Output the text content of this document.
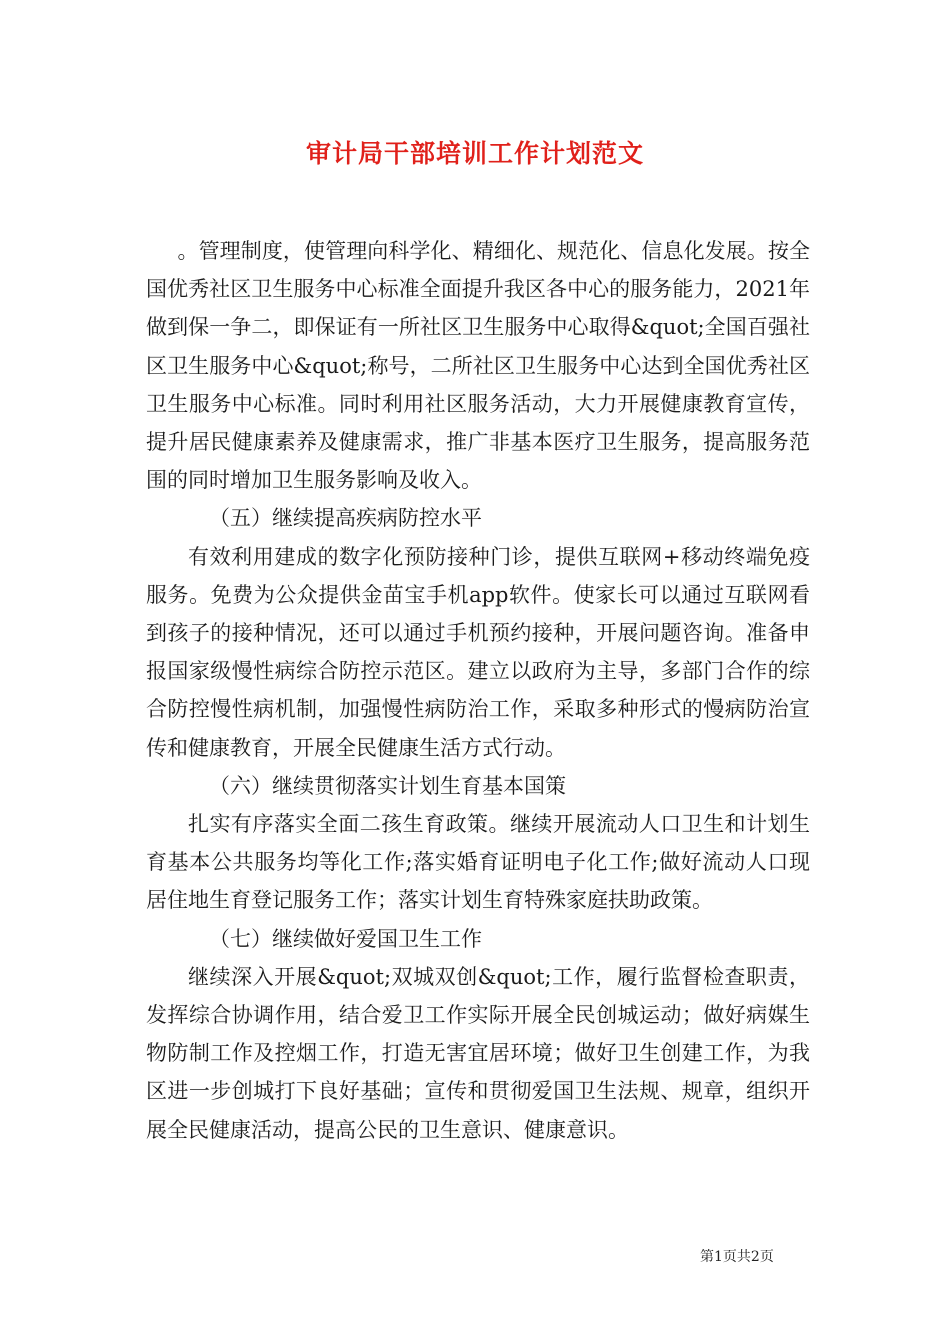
审计局干部培训工作计划范文

。管理制度，使管理向科学化、精细化、规范化、信息化发展。按全国优秀社区卫生服务中心标准全面提升我区各中心的服务能力，2021年做到保一争二，即保证有一所社区卫生服务中心取得&quot;全国百强社区卫生服务中心&quot;称号，二所社区卫生服务中心达到全国优秀社区卫生服务中心标准。同时利用社区服务活动，大力开展健康教育宣传，提升居民健康素养及健康需求，推广非基本医疗卫生服务，提高服务范围的同时增加卫生服务影响及收入。

（五）继续提高疾病防控水平

有效利用建成的数字化预防接种门诊，提供互联网+移动终端免疫服务。免费为公众提供金苗宝手机app软件。使家长可以通过互联网看到孩子的接种情况，还可以通过手机预约接种，开展问题咨询。准备申报国家级慢性病综合防控示范区。建立以政府为主导，多部门合作的综合防控慢性病机制，加强慢性病防治工作，采取多种形式的慢病防治宣传和健康教育，开展全民健康生活方式行动。

（六）继续贯彻落实计划生育基本国策

扎实有序落实全面二孩生育政策。继续开展流动人口卫生和计划生育基本公共服务均等化工作;落实婚育证明电子化工作;做好流动人口现居住地生育登记服务工作；落实计划生育特殊家庭扶助政策。

（七）继续做好爱国卫生工作

继续深入开展&quot;双城双创&quot;工作，履行监督检查职责，发挥综合协调作用，结合爱卫工作实际开展全民创城运动；做好病媒生物防制工作及控烟工作，打造无害宜居环境；做好卫生创建工作，为我区进一步创城打下良好基础；宣传和贯彻爱国卫生法规、规章，组织开展全民健康活动，提高公民的卫生意识、健康意识。

第1页共2页
